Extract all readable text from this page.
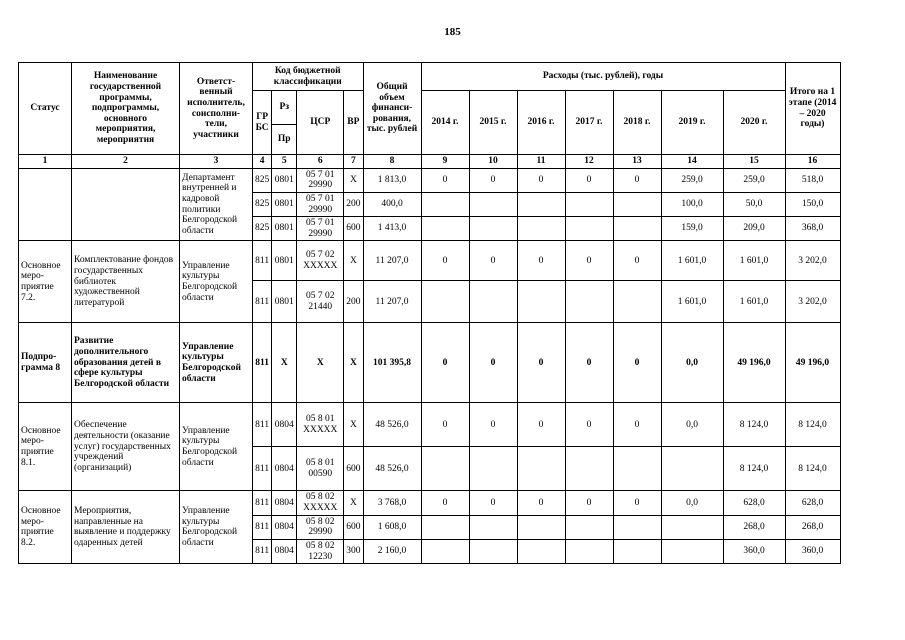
185
Статус	Наименование государственной программы, подпрограммы, основного мероприятия, мероприятия	Ответст-венный исполнитель, соисполни-тели, участники	Код бюджетной классификации				Общий объем финанси-рования, тыс. рублей	Расходы (тыс. рублей), годы							Итого на 1 этапе (2014 – 2020 годы)
			ГР БС	Рз	ЦСР	ВР		2014 г.	2015 г.	2016 г.	2017 г.	2018 г.	2019 г.	2020 г.	
				Пр											
1	2	3	4	5	6	7	8	9	10	11	12	13	14	15	16
		Департамент внутренней и кадровой политики Белгородской области	825	0801	05 7 01 29990	Х	1 813,0	0	0	0	0	0	259,0	259,0	518,0
			825	0801	05 7 01 29990	200	400,0						100,0	50,0	150,0
			825	0801	05 7 01 29990	600	1 413,0						159,0	209,0	368,0
Основное меро-приятие 7.2.	Комплектование фондов государственных библиотек художественной литературой	Управление культуры Белгородской области	811	0801	05 7 02 ХХХХХ	Х	11 207,0	0	0	0	0	0	1 601,0	1 601,0	3 202,0
			811	0801	05 7 02 21440	200	11 207,0						1 601,0	1 601,0	3 202,0
Подпро-грамма 8	Развитие дополнительного образования детей в сфере культуры Белгородской области	Управление культуры Белгородской области	811	Х	Х	Х	101 395,8	0	0	0	0	0	0,0	49 196,0	49 196,0
Основное меро-приятие 8.1.	Обеспечение деятельности (оказание услуг) государственных учреждений (организаций)	Управление культуры Белгородской области	811	0804	05 8 01 ХХХХХ	Х	48 526,0	0	0	0	0	0	0,0	8 124,0	8 124,0
			811	0804	05 8 01 00590	600	48 526,0							8 124,0	8 124,0
Основное меро-приятие 8.2.	Мероприятия, направленные на выявление и поддержку одаренных детей	Управление культуры Белгородской области	811	0804	05 8 02 ХХХХХ	Х	3 768,0	0	0	0	0	0	0,0	628,0	628,0
			811	0804	05 8 02 29990	600	1 608,0							268,0	268,0
			811	0804	05 8 02 12230	300	2 160,0							360,0	360,0
